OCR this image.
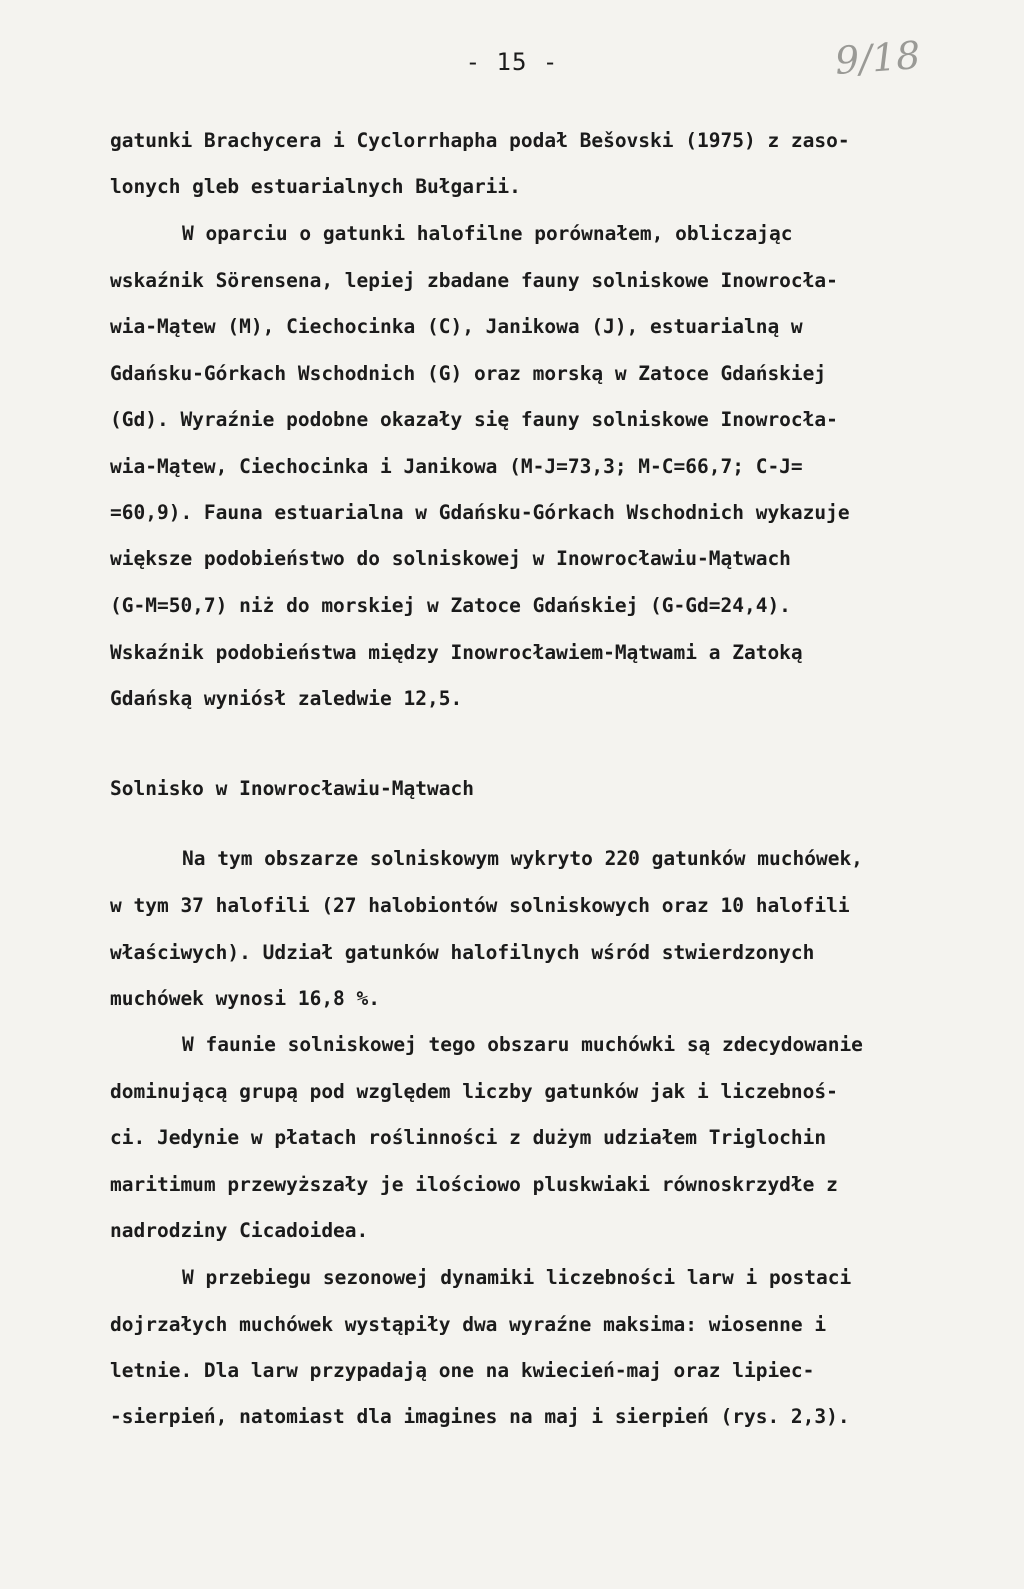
- 15 -	9/18
gatunki Brachycera i Cyclorrhapha podał Bešovski (1975) z zaso-
lonych gleb estuarialnych Bułgarii.
W oparciu o gatunki halofilne porównałem, obliczając
wskaźnik Sörensena, lepiej zbadane fauny solniskowe Inowrocła-
wia-Mątew (M), Ciechocinka (C), Janikowa (J), estuarialną w
Gdańsku-Górkach Wschodnich (G) oraz morską w Zatoce Gdańskiej
(Gd). Wyraźnie podobne okazały się fauny solniskowe Inowrocła-
wia-Mątew, Ciechocinka i Janikowa (M-J=73,3; M-C=66,7; C-J=
=60,9). Fauna estuarialna w Gdańsku-Górkach Wschodnich wykazuje
większe podobieństwo do solniskowej w Inowrocławiu-Mątwach
(G-M=50,7) niż do morskiej w Zatoce Gdańskiej (G-Gd=24,4).
Wskaźnik podobieństwa między Inowrocławiem-Mątwami a Zatoką
Gdańską wyniósł zaledwie 12,5.
Solnisko w Inowrocławiu-Mątwach
Na tym obszarze solniskowym wykryto 220 gatunków muchówek,
w tym 37 halofili (27 halobiontów solniskowych oraz 10 halofili
właściwych). Udział gatunków halofilnych wśród stwierdzonych
muchówek wynosi 16,8 %.
W faunie solniskowej tego obszaru muchówki są zdecydowanie
dominującą grupą pod względem liczby gatunków jak i liczebnoś-
ci. Jedynie w płatach roślinności z dużym udziałem Triglochin
maritimum przewyższały je ilościowo pluskwiaki równoskrzydłe z
nadrodziny Cicadoidea.
W przebiegu sezonowej dynamiki liczebności larw i postaci
dojrzałych muchówek wystąpiły dwa wyraźne maksima: wiosenne i
letnie. Dla larw przypadają one na kwiecień-maj oraz lipiec-
-sierpień, natomiast dla imagines na maj i sierpień (rys. 2,3).
